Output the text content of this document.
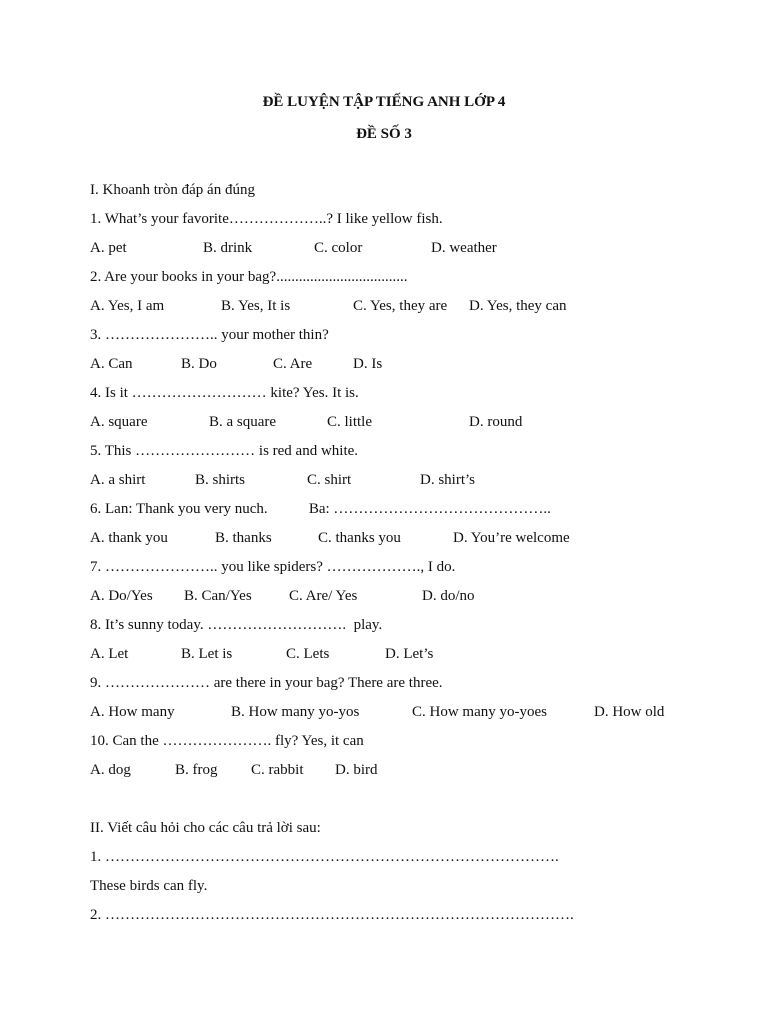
ĐỀ LUYỆN TẬP TIẾNG ANH LỚP 4
ĐỀ SỐ 3
I. Khoanh tròn đáp án đúng
1. What’s your favorite………………..? I like yellow fish.
A. pet	B. drink	C. color	D. weather
2. Are your books in your bag?...................................
A. Yes, I am	B. Yes, It is	C. Yes, they are D. Yes, they can
3. ………………….. your mother thin?
A. Can	B. Do	C. Are	D. Is
4. Is it ……………………… kite? Yes. It is.
A. square	B. a square	C. little	D. round
5. This …………………… is red and white.
A. a shirt	B. shirts	C. shirt	D. shirt’s
6. Lan: Thank you very nuch.           Ba: ……………………………………..
A. thank you	B. thanks	C. thanks you	D. You’re welcome
7. ………………….. you like spiders? ………………., I do.
A. Do/Yes B. Can/Yes C. Are/ Yes	D. do/no
8. It’s sunny today. ……………………….  play.
A. Let	B. Let is	C. Lets	D. Let’s
9. ………………… are there in your bag? There are three.
A. How many	B. How many yo-yos	C. How many yo-yoes	D. How old
10. Can the …………………. fly? Yes, it can
A. dog	B. frog C. rabbit D. bird
II. Viết câu hỏi cho các câu trả lời sau:
1. ……………………………………………………………………………….
These birds can fly.
2. ………………………………………………………………………………….
